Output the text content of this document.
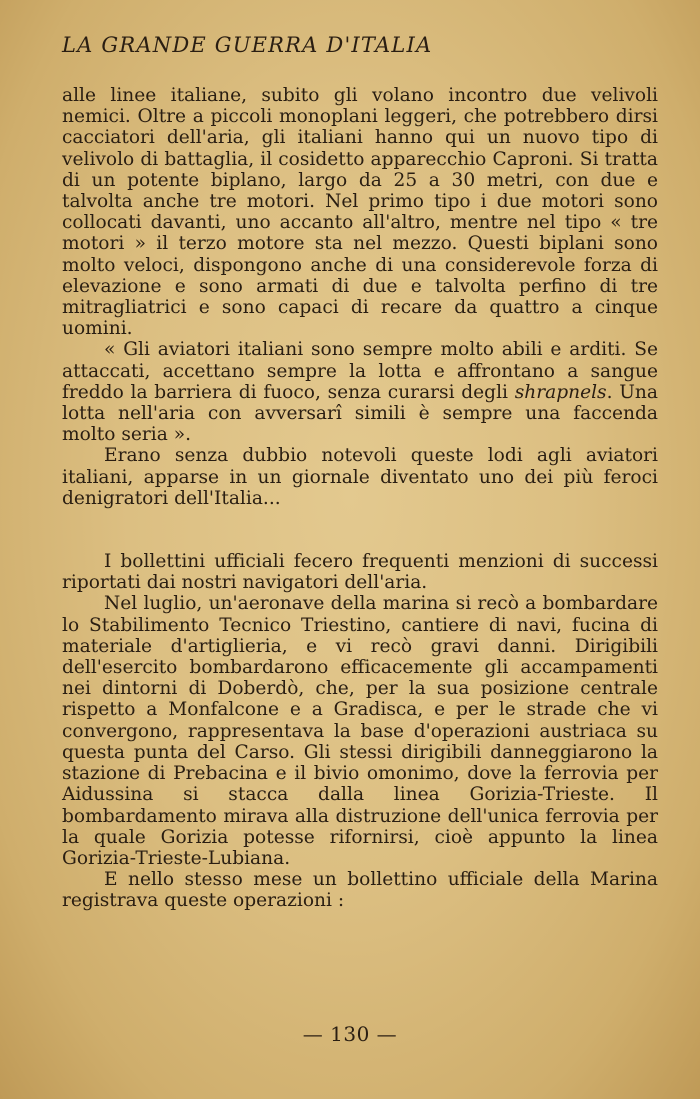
LA GRANDE GUERRA D'ITALIA

alle linee italiane, subito gli volano incontro due velivoli nemici. Oltre a piccoli monoplani leggeri, che potrebbero dirsi cacciatori dell'aria, gli italiani hanno qui un nuovo tipo di velivolo di battaglia, il cosidetto apparecchio Caproni. Si tratta di un potente biplano, largo da 25 a 30 metri, con due e talvolta anche tre motori. Nel primo tipo i due motori sono collocati davanti, uno accanto all'altro, mentre nel tipo « tre motori » il terzo motore sta nel mezzo. Questi biplani sono molto veloci, dispongono anche di una considerevole forza di elevazione e sono armati di due e talvolta perfino di tre mitragliatrici e sono capaci di recare da quattro a cinque uomini.

« Gli aviatori italiani sono sempre molto abili e arditi. Se attaccati, accettano sempre la lotta e affrontano a sangue freddo la barriera di fuoco, senza curarsi degli shrapnels. Una lotta nell'aria con avversarî simili è sempre una faccenda molto seria ».

Erano senza dubbio notevoli queste lodi agli aviatori italiani, apparse in un giornale diventato uno dei più feroci denigratori dell'Italia...

I bollettini ufficiali fecero frequenti menzioni di successi riportati dai nostri navigatori dell'aria.

Nel luglio, un'aeronave della marina si recò a bombardare lo Stabilimento Tecnico Triestino, cantiere di navi, fucina di materiale d'artiglieria, e vi recò gravi danni. Dirigibili dell'esercito bombardarono efficacemente gli accampamenti nei dintorni di Doberdò, che, per la sua posizione centrale rispetto a Monfalcone e a Gradisca, e per le strade che vi convergono, rappresentava la base d'operazioni austriaca su questa punta del Carso. Gli stessi dirigibili danneggiarono la stazione di Prebacina e il bivio omonimo, dove la ferrovia per Aidussina si stacca dalla linea Gorizia-Trieste. Il bombardamento mirava alla distruzione dell'unica ferrovia per la quale Gorizia potesse rifornirsi, cioè appunto la linea Gorizia-Trieste-Lubiana.

E nello stesso mese un bollettino ufficiale della Marina registrava queste operazioni :

— 130 —
